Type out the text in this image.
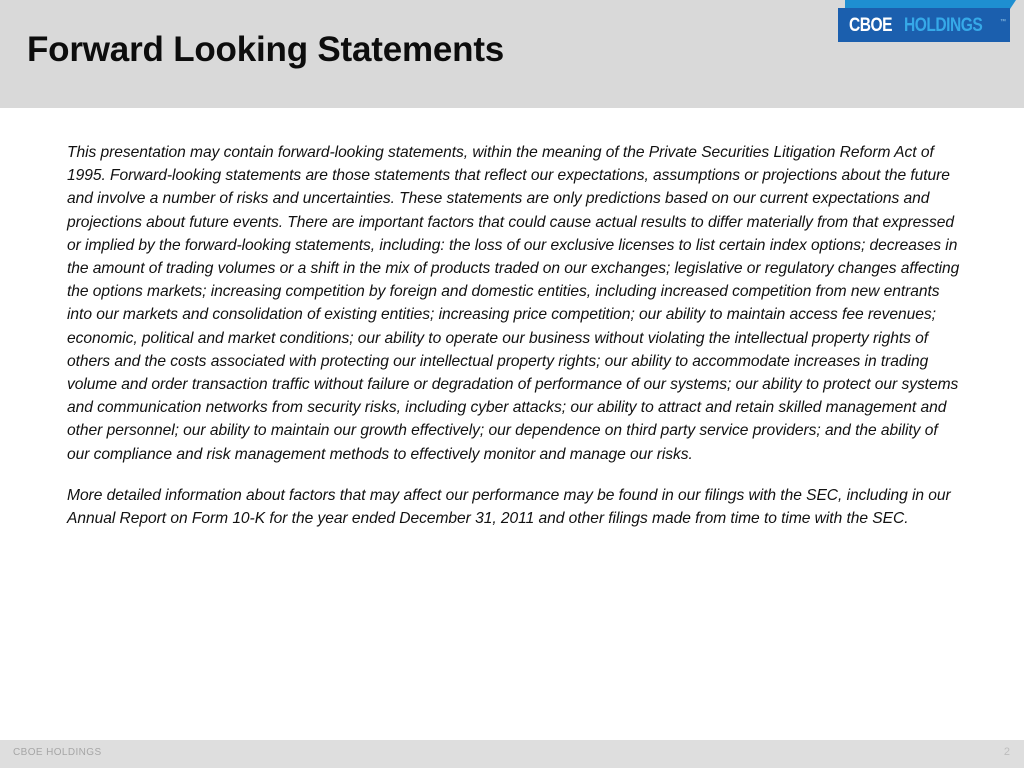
Forward Looking Statements
CBOE HOLDINGS	™

This presentation may contain forward-looking statements, within the meaning of the Private Securities Litigation Reform Act of 1995. Forward-looking statements are those statements that reflect our expectations, assumptions or projections about the future and involve a number of risks and uncertainties. These statements are only predictions based on our current expectations and projections about future events. There are important factors that could cause actual results to differ materially from that expressed or implied by the forward-looking statements, including: the loss of our exclusive licenses to list certain index options; decreases in the amount of trading volumes or a shift in the mix of products traded on our exchanges; legislative or regulatory changes affecting the options markets; increasing competition by foreign and domestic entities, including increased competition from new entrants into our markets and consolidation of existing entities; increasing price competition; our ability to maintain access fee revenues; economic, political and market conditions; our ability to operate our business without violating the intellectual property rights of others and the costs associated with protecting our intellectual property rights; our ability to accommodate increases in trading volume and order transaction traffic without failure or degradation of performance of our systems; our ability to protect our systems and communication networks from security risks, including cyber attacks; our ability to attract and retain skilled management and other personnel; our ability to maintain our growth effectively; our dependence on third party service providers; and the ability of our compliance and risk management methods to effectively monitor and manage our risks.

More detailed information about factors that may affect our performance may be found in our filings with the SEC, including in our Annual Report on Form 10-K for the year ended December 31, 2011 and other filings made from time to time with the SEC.

CBOE HOLDINGS	2
